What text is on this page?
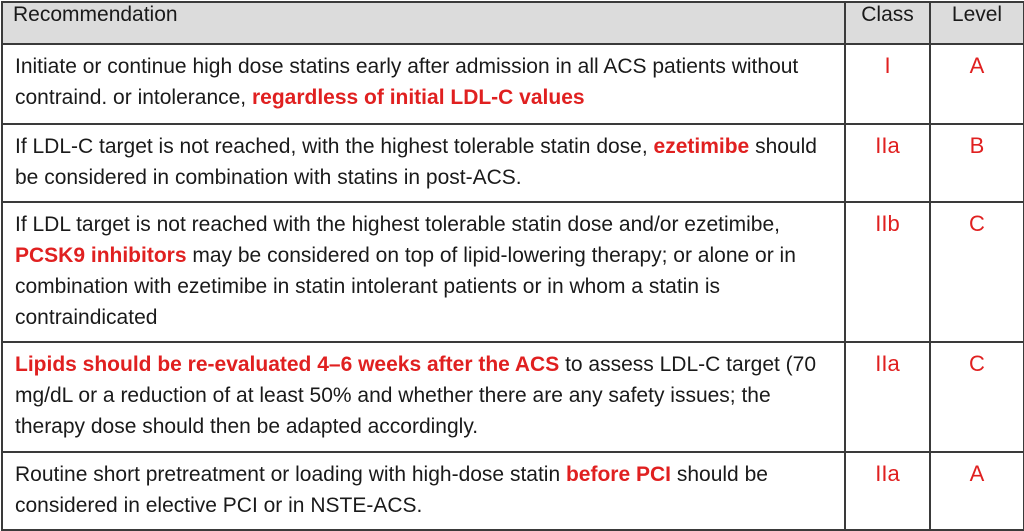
Recommendation	Class	Level
Initiate or continue high dose statins early after admission in all ACS patients without contraind. or intolerance, regardless of initial LDL-C values	I	A
If LDL-C target is not reached, with the highest tolerable statin dose, ezetimibe should be considered in combination with statins in post-ACS.	IIa	B
If LDL target is not reached with the highest tolerable statin dose and/or ezetimibe, PCSK9 inhibitors may be considered on top of lipid-lowering therapy; or alone or in combination with ezetimibe in statin intolerant patients or in whom a statin is contraindicated	IIb	C
Lipids should be re-evaluated 4–6 weeks after the ACS to assess LDL-C target (70 mg/dL or a reduction of at least 50% and whether there are any safety issues; the therapy dose should then be adapted accordingly.	IIa	C
Routine short pretreatment or loading with high-dose statin before PCI should be considered in elective PCI or in NSTE-ACS.	IIa	A
